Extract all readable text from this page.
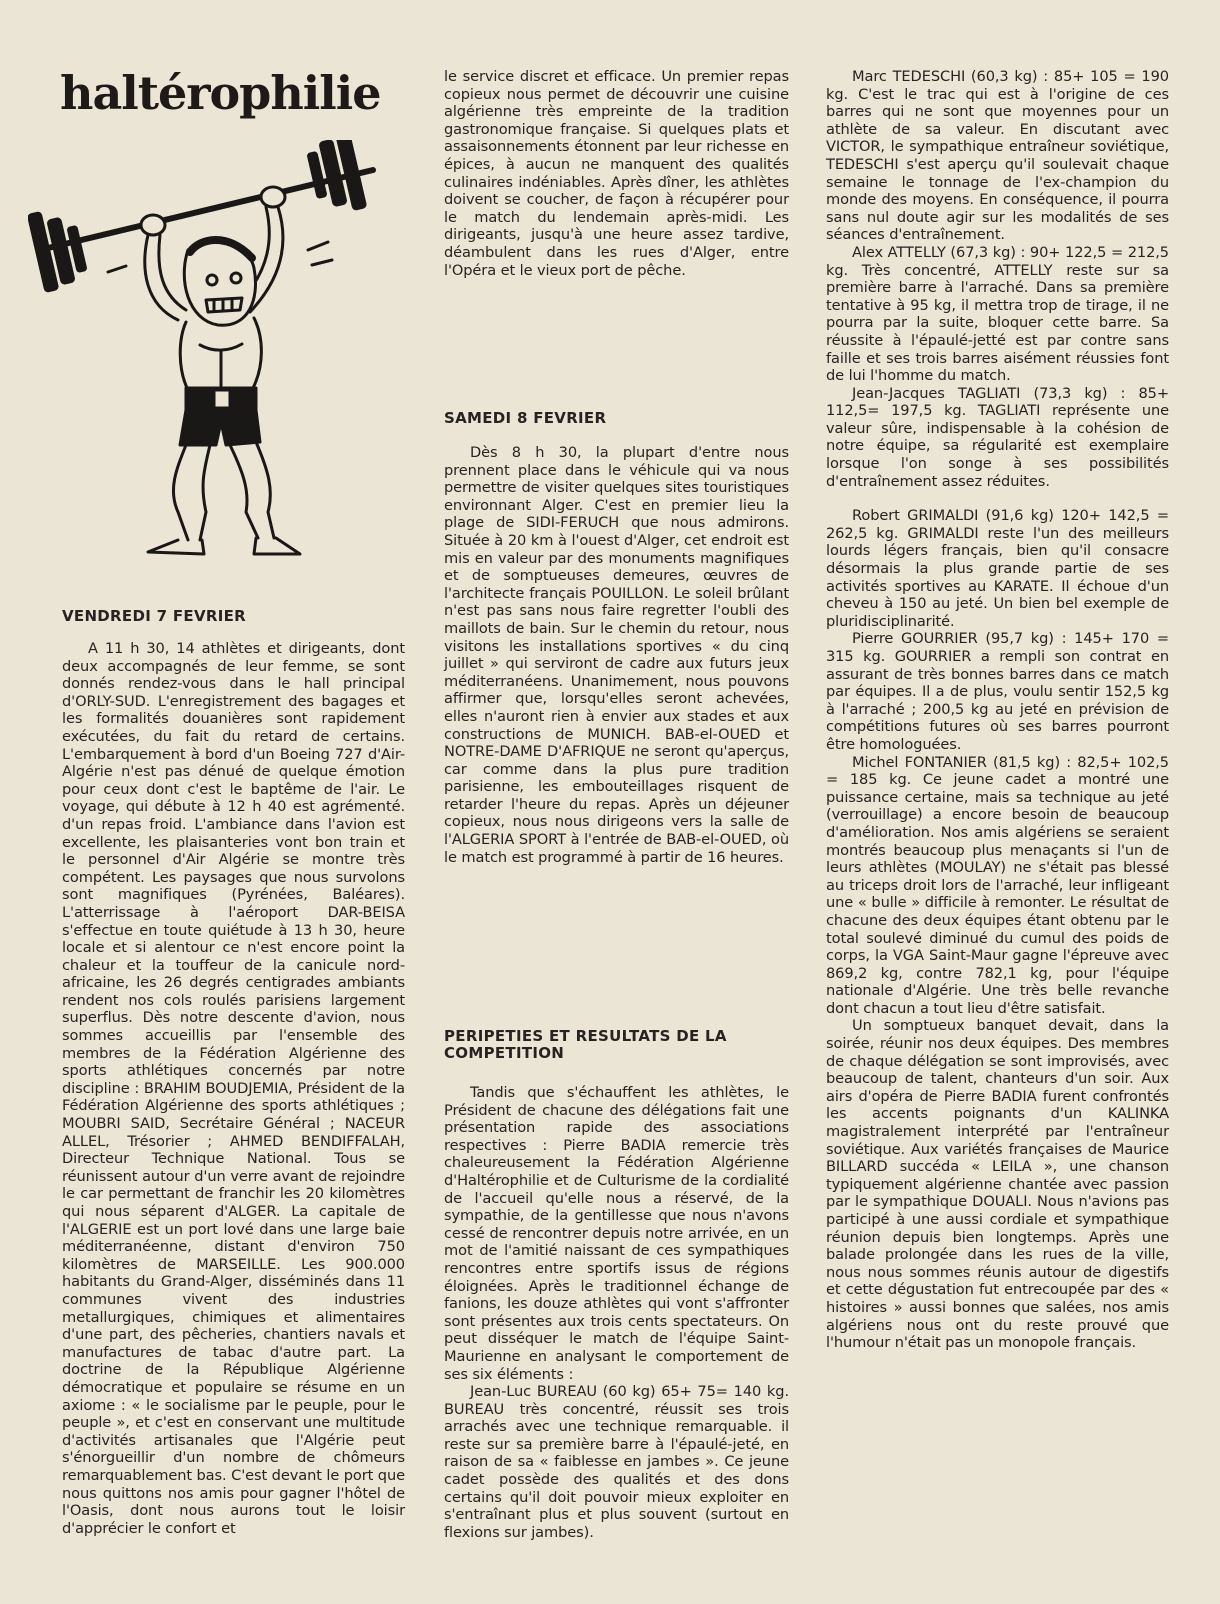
haltérophilie
VENDREDI 7 FEVRIER

A 11 h 30, 14 athlètes et dirigeants, dont deux accompagnés de leur femme, se sont donnés rendez-vous dans le hall principal d'ORLY-SUD. L'enregistrement des bagages et les formalités douanières sont rapidement exécutées, du fait du retard de certains. L'embarquement à bord d'un Boeing 727 d'Air-Algérie n'est pas dénué de quelque émotion pour ceux dont c'est le baptême de l'air. Le voyage, qui débute à 12 h 40 est agrémenté. d'un repas froid. L'ambiance dans l'avion est excellente, les plaisanteries vont bon train et le personnel d'Air Algérie se montre très compétent. Les paysages que nous survolons sont magnifiques (Pyrénées, Baléares). L'atterrissage à l'aéroport DAR-BEISA s'effectue en toute quiétude à 13 h 30, heure locale et si alentour ce n'est encore point la chaleur et la touffeur de la canicule nord-africaine, les 26 degrés centigrades ambiants rendent nos cols roulés parisiens largement superflus. Dès notre descente d'avion, nous sommes accueillis par l'ensemble des membres de la Fédération Algérienne des sports athlétiques concernés par notre discipline : BRAHIM BOUDJEMIA, Président de la Fédération Algérienne des sports athlétiques ; MOUBRI SAID, Secrétaire Général ; NACEUR ALLEL, Trésorier ; AHMED BENDIFFALAH, Directeur Technique National. Tous se réunissent autour d'un verre avant de rejoindre le car permettant de franchir les 20 kilomètres qui nous séparent d'ALGER. La capitale de l'ALGERIE est un port lové dans une large baie méditerranéenne, distant d'environ 750 kilomètres de MARSEILLE. Les 900.000 habitants du Grand-Alger, disséminés dans 11 communes vivent des industries metallurgiques, chimiques et alimentaires d'une part, des pêcheries, chantiers navals et manufactures de tabac d'autre part. La doctrine de la République Algérienne démocratique et populaire se résume en un axiome : « le socialisme par le peuple, pour le peuple », et c'est en conservant une multitude d'activités artisanales que l'Algérie peut s'énorgueillir d'un nombre de chômeurs remarquablement bas. C'est devant le port que nous quittons nos amis pour gagner l'hôtel de l'Oasis, dont nous aurons tout le loisir d'apprécier le confort et

le service discret et efficace. Un premier repas copieux nous permet de découvrir une cuisine algérienne très empreinte de la tradition gastronomique française. Si quelques plats et assaisonnements étonnent par leur richesse en épices, à aucun ne manquent des qualités culinaires indéniables. Après dîner, les athlètes doivent se coucher, de façon à récupérer pour le match du lendemain après-midi. Les dirigeants, jusqu'à une heure assez tardive, déambulent dans les rues d'Alger, entre l'Opéra et le vieux port de pêche.

SAMEDI 8 FEVRIER

Dès 8 h 30, la plupart d'entre nous prennent place dans le véhicule qui va nous permettre de visiter quelques sites touristiques environnant Alger. C'est en premier lieu la plage de SIDI-FERUCH que nous admirons. Située à 20 km à l'ouest d'Alger, cet endroit est mis en valeur par des monuments magnifiques et de somptueuses demeures, œuvres de l'architecte français POUILLON. Le soleil brûlant n'est pas sans nous faire regretter l'oubli des maillots de bain. Sur le chemin du retour, nous visitons les installations sportives « du cinq juillet » qui serviront de cadre aux futurs jeux méditerranéens. Unanimement, nous pouvons affirmer que, lorsqu'elles seront achevées, elles n'auront rien à envier aux stades et aux constructions de MUNICH. BAB-el-OUED et NOTRE-DAME D'AFRIQUE ne seront qu'aperçus, car comme dans la plus pure tradition parisienne, les embouteillages risquent de retarder l'heure du repas. Après un déjeuner copieux, nous nous dirigeons vers la salle de l'ALGERIA SPORT à l'entrée de BAB-el-OUED, où le match est programmé à partir de 16 heures.

PERIPETIES ET RESULTATS DE LA COMPETITION

Tandis que s'échauffent les athlètes, le Président de chacune des délégations fait une présentation rapide des associations respectives : Pierre BADIA remercie très chaleureusement la Fédération Algérienne d'Haltérophilie et de Culturisme de la cordialité de l'accueil qu'elle nous a réservé, de la sympathie, de la gentillesse que nous n'avons cessé de rencontrer depuis notre arrivée, en un mot de l'amitié naissant de ces sympathiques rencontres entre sportifs issus de régions éloignées. Après le traditionnel échange de fanions, les douze athlètes qui vont s'affronter sont présentes aux trois cents spectateurs. On peut disséquer le match de l'équipe Saint-Maurienne en analysant le comportement de ses six éléments :

Jean-Luc BUREAU (60 kg) 65+ 75= 140 kg. BUREAU très concentré, réussit ses trois arrachés avec une technique remarquable. il reste sur sa première barre à l'épaulé-jeté, en raison de sa « faiblesse en jambes ». Ce jeune cadet possède des qualités et des dons certains qu'il doit pouvoir mieux exploiter en s'entraînant plus et plus souvent (surtout en flexions sur jambes).

Marc TEDESCHI (60,3 kg) : 85+ 105 = 190 kg. C'est le trac qui est à l'origine de ces barres qui ne sont que moyennes pour un athlète de sa valeur. En discutant avec VICTOR, le sympathique entraîneur soviétique, TEDESCHI s'est aperçu qu'il soulevait chaque semaine le tonnage de l'ex-champion du monde des moyens. En conséquence, il pourra sans nul doute agir sur les modalités de ses séances d'entraînement.

Alex ATTELLY (67,3 kg) : 90+ 122,5 = 212,5 kg. Très concentré, ATTELLY reste sur sa première barre à l'arraché. Dans sa première tentative à 95 kg, il mettra trop de tirage, il ne pourra par la suite, bloquer cette barre. Sa réussite à l'épaulé-jetté est par contre sans faille et ses trois barres aisément réussies font de lui l'homme du match.

Jean-Jacques TAGLIATI (73,3 kg) : 85+ 112,5= 197,5 kg. TAGLIATI représente une valeur sûre, indispensable à la cohésion de notre équipe, sa régularité est exemplaire lorsque l'on songe à ses possibilités d'entraînement assez réduites.

Robert GRIMALDI (91,6 kg) 120+ 142,5 = 262,5 kg. GRIMALDI reste l'un des meilleurs lourds légers français, bien qu'il consacre désormais la plus grande partie de ses activités sportives au KARATE. Il échoue d'un cheveu à 150 au jeté. Un bien bel exemple de pluridisciplinarité.

Pierre GOURRIER (95,7 kg) : 145+ 170 = 315 kg. GOURRIER a rempli son contrat en assurant de très bonnes barres dans ce match par équipes. Il a de plus, voulu sentir 152,5 kg à l'arraché ; 200,5 kg au jeté en prévision de compétitions futures où ses barres pourront être homologuées.

Michel FONTANIER (81,5 kg) : 82,5+ 102,5 = 185 kg. Ce jeune cadet a montré une puissance certaine, mais sa technique au jeté (verrouillage) a encore besoin de beaucoup d'amélioration. Nos amis algériens se seraient montrés beaucoup plus menaçants si l'un de leurs athlètes (MOULAY) ne s'était pas blessé au triceps droit lors de l'arraché, leur infligeant une « bulle » difficile à remonter. Le résultat de chacune des deux équipes étant obtenu par le total soulevé diminué du cumul des poids de corps, la VGA Saint-Maur gagne l'épreuve avec 869,2 kg, contre 782,1 kg, pour l'équipe nationale d'Algérie. Une très belle revanche dont chacun a tout lieu d'être satisfait.

Un somptueux banquet devait, dans la soirée, réunir nos deux équipes. Des membres de chaque délégation se sont improvisés, avec beaucoup de talent, chanteurs d'un soir. Aux airs d'opéra de Pierre BADIA furent confrontés les accents poignants d'un KALINKA magistralement interprété par l'entraîneur soviétique. Aux variétés françaises de Maurice BILLARD succéda « LEILA », une chanson typiquement algérienne chantée avec passion par le sympathique DOUALI. Nous n'avions pas participé à une aussi cordiale et sympathique réunion depuis bien longtemps. Après une balade prolongée dans les rues de la ville, nous nous sommes réunis autour de digestifs et cette dégustation fut entrecoupée par des « histoires » aussi bonnes que salées, nos amis algériens nous ont du reste prouvé que l'humour n'était pas un monopole français.
